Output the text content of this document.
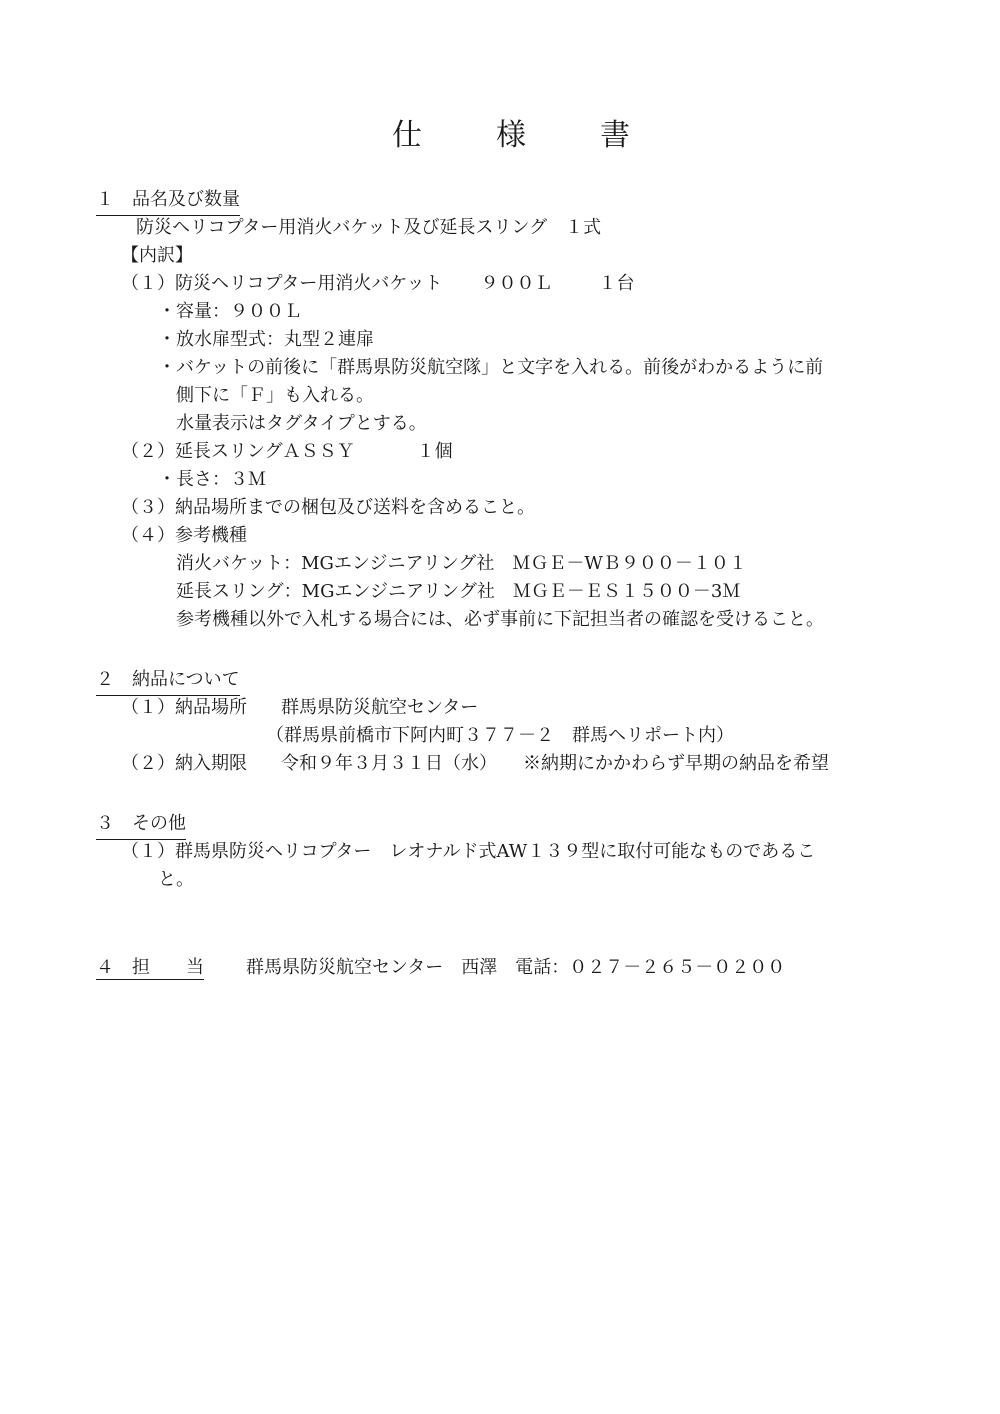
仕　様　書
１　品名及び数量
防災ヘリコプター用消火バケット及び延長スリング　１式
【内訳】
（１）防災ヘリコプター用消火バケット ９００Ｌ	１台
・容量：９００Ｌ
・放水扉型式：丸型２連扉
・バケットの前後に「群馬県防災航空隊」と文字を入れる。前後がわかるように前
側下に「Ｆ」も入れる。
水量表示はタグタイプとする。
（２）延長スリングＡＳＳＹ	１個
・長さ：３Ｍ
（３）納品場所までの梱包及び送料を含めること。
（４）参考機種
消火バケット：MGエンジニアリング社　ＭＧＥ－WＢ９００－１０１
延長スリング：MGエンジニアリング社　ＭＧＥ－ＥＳ１５００－3Ｍ
参考機種以外で入札する場合には、必ず事前に下記担当者の確認を受けること。
２　納品について
（１）納品場所 群馬県防災航空センター
（群馬県前橋市下阿内町３７７－２　群馬ヘリポート内）
（２）納入期限 令和９年３月３１日（水） ※納期にかかわらず早期の納品を希望
３　その他
（１）群馬県防災ヘリコプター　レオナルド式AW１３９型に取付可能なものであるこ
と。
４　担　　当 群馬県防災航空センター　西澤　電話：０２７－２６５－０２００
